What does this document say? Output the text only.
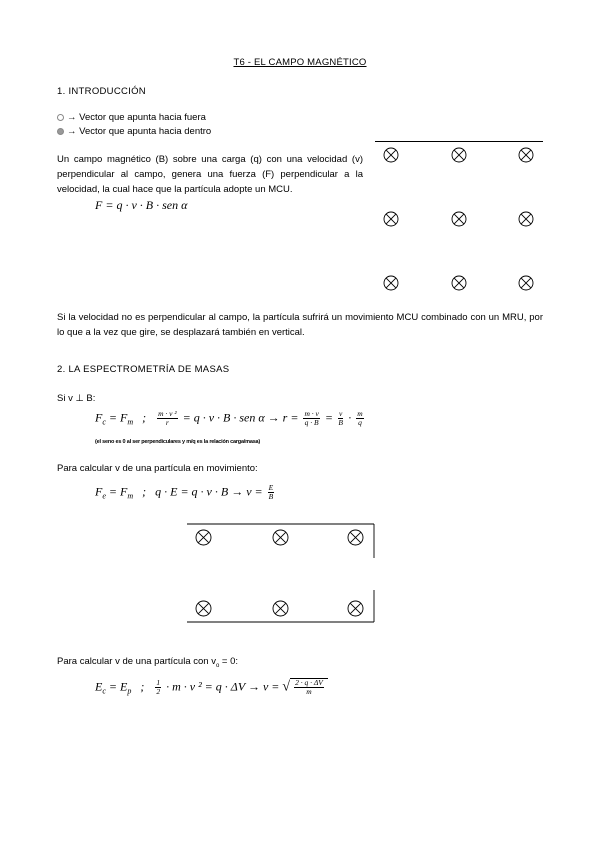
T6 - EL CAMPO MAGNÉTICO
1. INTRODUCCIÓN
→ Vector que apunta hacia fuera
→ Vector que apunta hacia dentro
Un campo magnético (B) sobre una carga (q) con una velocidad (v) perpendicular al campo, genera una fuerza (F) perpendicular a la velocidad, la cual hace que la partícula adopte un MCU.
F = q · v · B · sen α
Si la velocidad no es perpendicular al campo, la partícula sufrirá un movimiento MCU combinado con un MRU, por lo que a la vez que gire, se desplazará también en vertical.
2. LA ESPECTROMETRÍA DE MASAS
Si v ⊥ B:
$F_c = F_m$ ; $\frac{\text{m · v ²}}{r} = q \cdot v \cdot B$ · sen $\alpha \to r = \frac{m \cdot v}{q \cdot B} = \frac{v}{B} \cdot \frac{m}{q}$
(el seno es 0 al ser perpendiculares y m/q es la relación carga/masa)
Para calcular v de una partícula en movimiento:
$F_e = F_m$ ; $q \cdot E = q \cdot v \cdot B \to v = \frac{E}{B}$
Para calcular v de una partícula con $v_o = 0$:
$E_c = E_p$ ; $\frac{1}{2} \cdot m \cdot v$ ² = q · ΔV → v = √ $\frac{2 \cdot q \cdot \Delta V}{m}$
